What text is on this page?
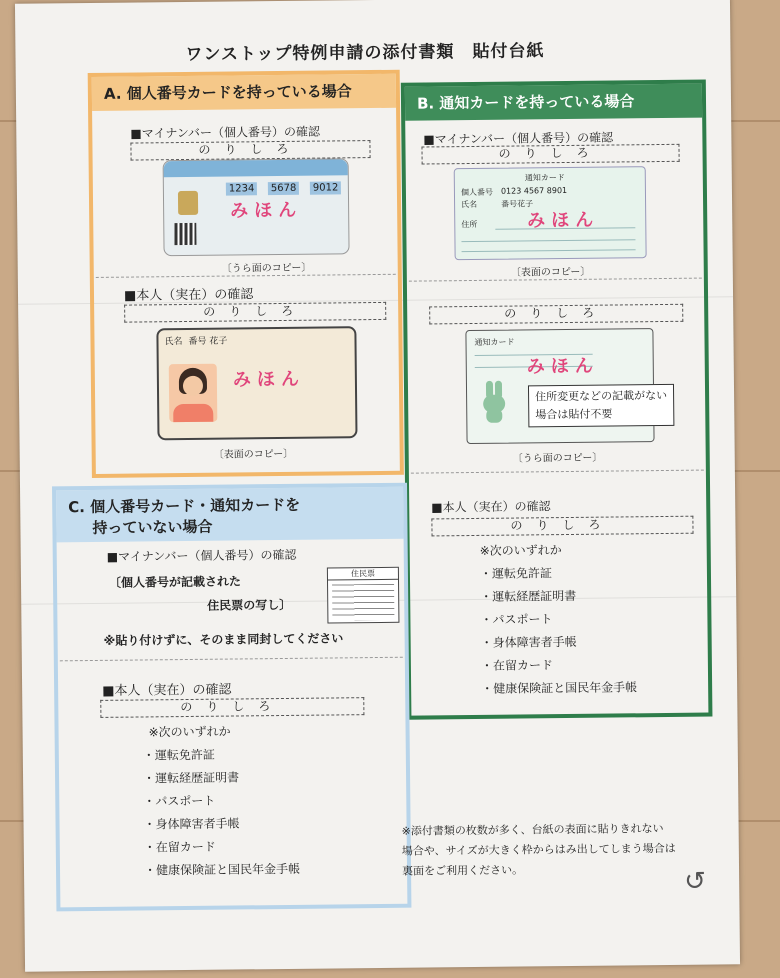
ワンストップ特例申請の添付書類　貼付台紙
A. 個人番号カードを持っている場合
■マイナンバー（個人番号）の確認
のりしろ
1234	5678	9012
みほん
〔うら面のコピー〕
■本人（実在）の確認
のりしろ
氏名 番号 花子
みほん
〔表面のコピー〕
B. 通知カードを持っている場合
■マイナンバー（個人番号）の確認
のりしろ
通知カード
個人番号 0123 4567 8901
氏名	番号花子
住所	みほん
〔表面のコピー〕
のりしろ
通知カード
みほん
住所変更などの記載がない
場合は貼付不要
〔うら面のコピー〕
■本人（実在）の確認
のりしろ
※次のいずれか
・運転免許証
・運転経歴証明書
・パスポート
・身体障害者手帳
・在留カード
・健康保険証と国民年金手帳
C. 個人番号カード・通知カードを
持っていない場合
■マイナンバー（個人番号）の確認
〔個人番号が記載された
住民票の写し〕
住民票
※貼り付けずに、そのまま同封してください
■本人（実在）の確認
のりしろ
※次のいずれか
・運転免許証
・運転経歴証明書
・パスポート
・身体障害者手帳
・在留カード
・健康保険証と国民年金手帳
※添付書類の枚数が多く、台紙の表面に貼りきれない
場合や、サイズが大きく枠からはみ出してしまう場合は
裏面をご利用ください。	↺
